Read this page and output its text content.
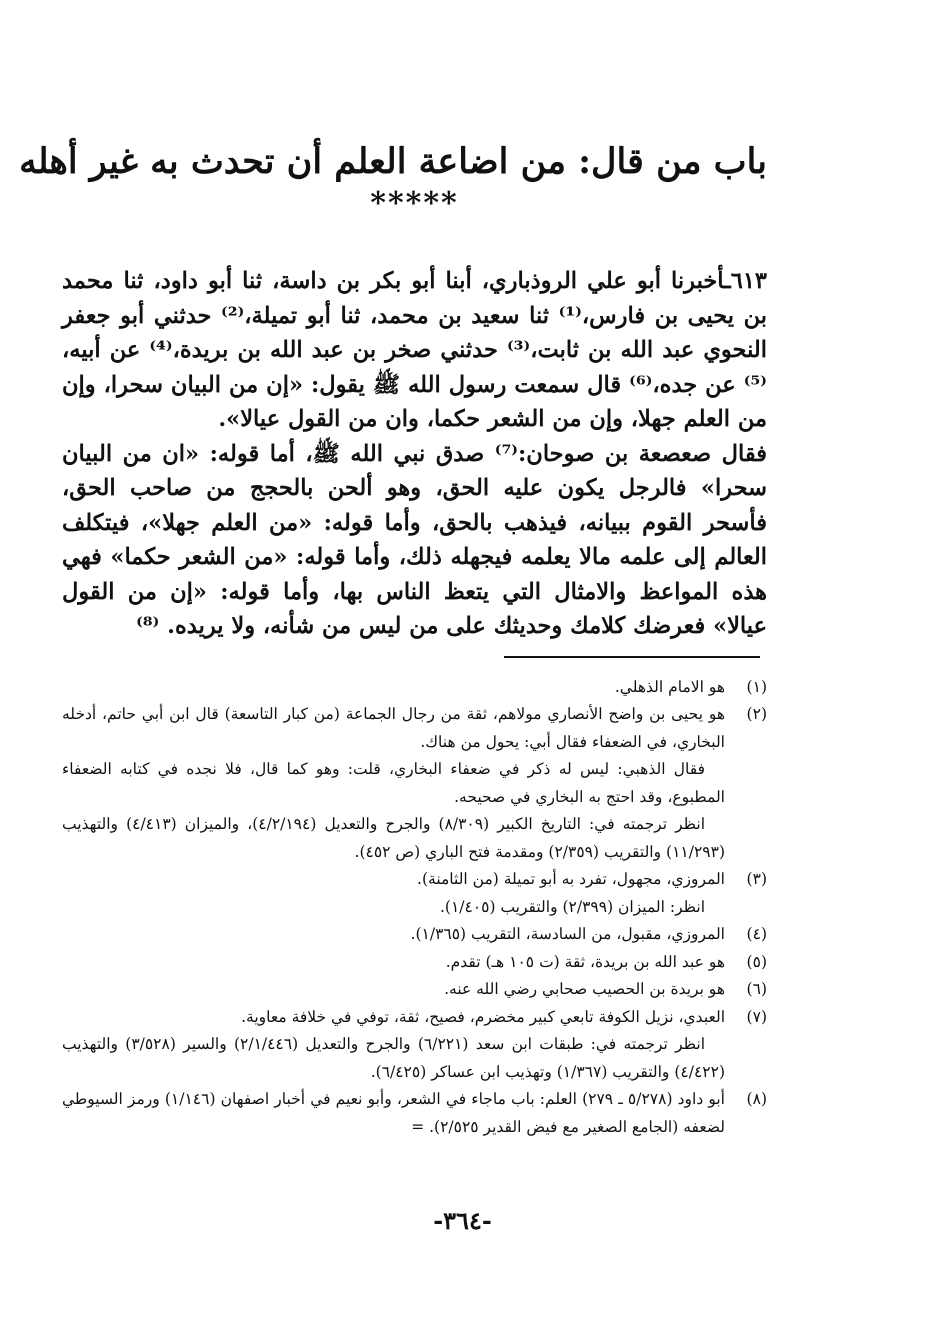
باب من قال: من اضاعة العلم أن تحدث به غير أهله
*****

٦١٣ـأخبرنا أبو علي الروذباري، أبنا أبو بكر بن داسة، ثنا أبو داود، ثنا محمد بن يحيى بن فارس،⁽¹⁾ ثنا سعيد بن محمد، ثنا أبو تميلة،⁽²⁾ حدثني أبو جعفر النحوي عبد الله بن ثابت،⁽³⁾ حدثني صخر بن عبد الله بن بريدة،⁽⁴⁾ عن أبيه،⁽⁵⁾ عن جده،⁽⁶⁾ قال سمعت رسول الله ﷺ يقول: «إن من البيان سحرا، وإن من العلم جهلا، وإن من الشعر حكما، وان من القول عيالا».

فقال صعصعة بن صوحان:⁽⁷⁾ صدق نبي الله ﷺ، أما قوله: «ان من البيان سحرا» فالرجل يكون عليه الحق، وهو ألحن بالحجج من صاحب الحق، فأسحر القوم ببيانه، فيذهب بالحق، وأما قوله: «من العلم جهلا»، فيتكلف العالم إلى علمه مالا يعلمه فيجهله ذلك، وأما قوله: «من الشعر حكما» فهي هذه المواعظ والامثال التي يتعظ الناس بها، وأما قوله: «إن من القول عيالا» فعرضك كلامك وحديثك على من ليس من شأنه، ولا يريده. ⁽⁸⁾

(١)
هو الامام الذهلي.
(٢)
هو يحيى بن واضح الأنصاري مولاهم، ثقة من رجال الجماعة (من كبار التاسعة) قال ابن أبي حاتم، أدخله البخاري، في الضعفاء فقال أبي: يحول من هناك.
فقال الذهبي: ليس له ذكر في ضعفاء البخاري، قلت: وهو كما قال، فلا نجده في كتابه الضعفاء المطبوع، وقد احتج به البخاري في صحيحه.
انظر ترجمته في: التاريخ الكبير (٨/٣٠٩) والجرح والتعديل (٤/٢/١٩٤)، والميزان (٤/٤١٣) والتهذيب (١١/٢٩٣) والتقريب (٢/٣٥٩) ومقدمة فتح الباري (ص ٤٥٢).
(٣)
المروزي، مجهول، تفرد به أبو تميلة (من الثامنة).
انظر: الميزان (٢/٣٩٩) والتقريب (١/٤٠٥).
(٤)
المروزي، مقبول، من السادسة، التقريب (١/٣٦٥).
(٥)
هو عبد الله بن بريدة، ثقة (ت ١٠٥ هـ) تقدم.
(٦)
هو بريدة بن الحصيب صحابي رضي الله عنه.
(٧)
العبدي، نزيل الكوفة تابعي كبير مخضرم، فصيح، ثقة، توفي في خلافة معاوية.
انظر ترجمته في: طبقات ابن سعد (٦/٢٢١) والجرح والتعديل (٢/١/٤٤٦) والسير (٣/٥٢٨) والتهذيب (٤/٤٢٢) والتقريب (١/٣٦٧) وتهذيب ابن عساكر (٦/٤٢٥).
(٨)
أبو داود (٥/٢٧٨ ـ ٢٧٩) العلم: باب ماجاء في الشعر، وأبو نعيم في أخبار اصفهان (١/١٤٦) ورمز السيوطي لضعفه (الجامع الصغير مع فيض القدير ٢/٥٢٥). =
-٣٦٤-
